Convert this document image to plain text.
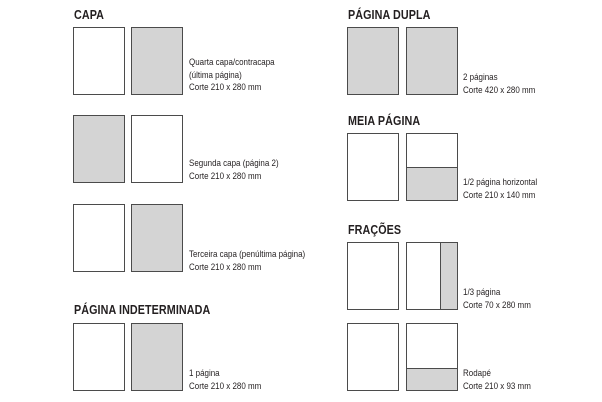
CAPA
Quarta capa/contracapa
(última página)
Corte 210 x 280 mm
Segunda capa (página 2)
Corte 210 x 280 mm
Terceira capa (penúltima página)
Corte 210 x 280 mm
PÁGINA INDETERMINADA
1 página
Corte 210 x 280 mm
PÁGINA DUPLA
2 páginas
Corte 420 x 280 mm
MEIA PÁGINA
1/2 página horizontal
Corte 210 x 140 mm
FRAÇÕES
1/3 página
Corte 70 x 280 mm
Rodapé
Corte 210 x 93 mm
